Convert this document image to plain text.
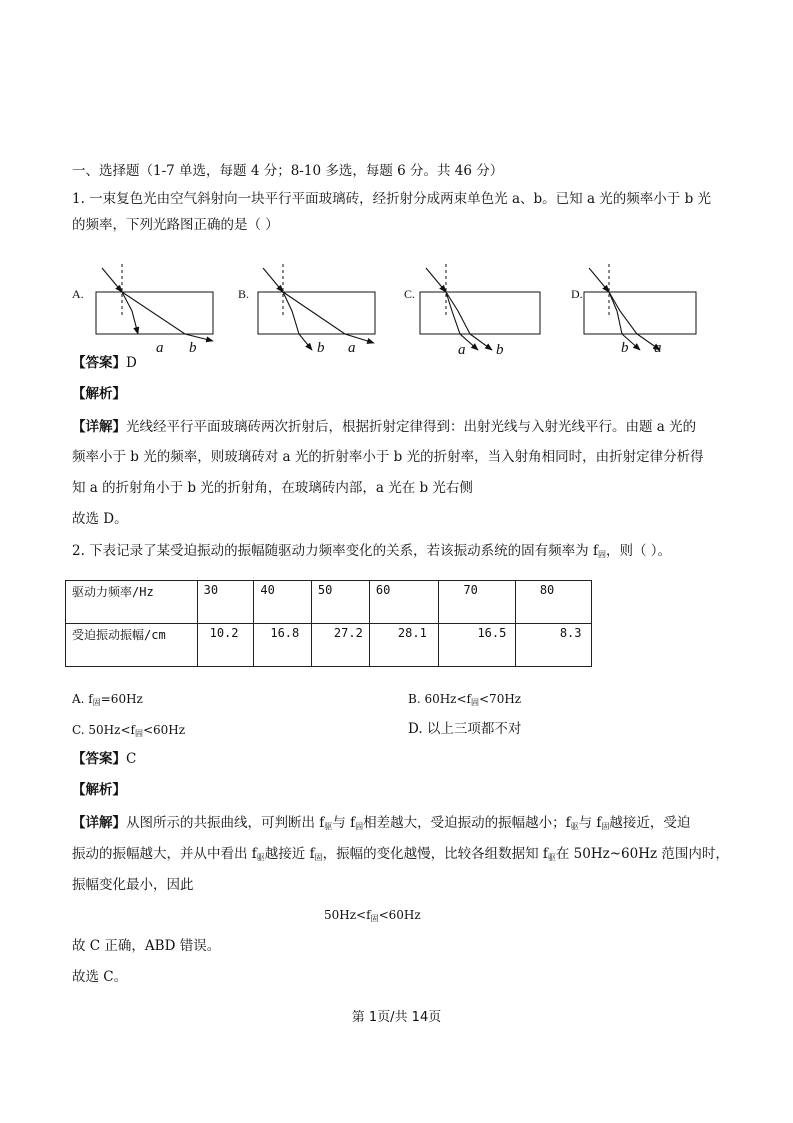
一、选择题（1-7 单选，每题 4 分；8-10 多选，每题 6 分。共 46 分）
1. 一束复色光由空气斜射向一块平行平面玻璃砖，经折射分成两束单色光 a、b。已知 a 光的频率小于 b 光
的频率，下列光路图正确的是（ ）
a b
A.
b a
B.
a b
C.
b a
D.
【答案】D
【解析】
【详解】光线经平行平面玻璃砖两次折射后，根据折射定律得到：出射光线与入射光线平行。由题 a 光的
频率小于 b 光的频率，则玻璃砖对 a 光的折射率小于 b 光的折射率，当入射角相同时，由折射定律分析得
知 a 的折射角小于 b 光的折射角，在玻璃砖内部，a 光在 b 光右侧
故选 D。
2. 下表记录了某受迫振动的振幅随驱动力频率变化的关系，若该振动系统的固有频率为 $f_固$，则（ ）。
驱动力频率/Hz	30	40	50	60	70	80
受迫振动振幅/cm	10.2	16.8	27.2	28.1	16.5	8.3
A. $f_固=60Hz$	B. $60Hz<f_固<70Hz$
C. $50Hz<f_固<60Hz$	D. 以上三项都不对
【答案】C
【解析】
【详解】从图所示的共振曲线，可判断出 $f_驱$与 $f_固$相差越大，受迫振动的振幅越小；$f_驱$与 $f_固$越接近，受迫
振动的振幅越大，并从中看出 $f_驱$越接近 $f_固$，振幅的变化越慢，比较各组数据知 $f_驱$在 50Hz~60Hz 范围内时，
振幅变化最小，因此
$50Hz<f_固<60Hz$
故 C 正确，ABD 错误。
故选 C。
第 1页/共 14页
